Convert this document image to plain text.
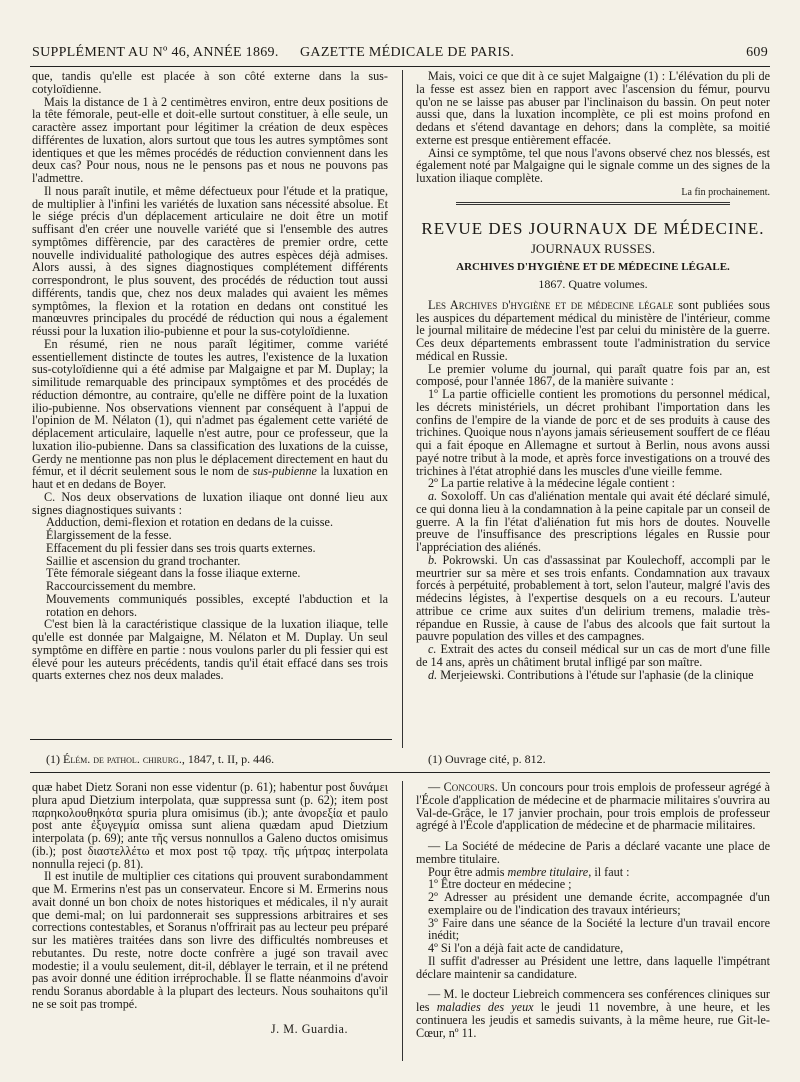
SUPPLÉMENT AU Nº 46, ANNÉE 1869. GAZETTE MÉDICALE DE PARIS.	609

que, tandis qu'elle est placée à son côté externe dans la sus-cotyloïdienne.

Mais la distance de 1 à 2 centimètres environ, entre deux positions de la tête fémorale, peut-elle et doit-elle surtout constituer, à elle seule, un caractère assez important pour légitimer la création de deux espèces différentes de luxation, alors surtout que tous les autres symptômes sont identiques et que les mêmes procédés de réduction conviennent dans les deux cas? Pour nous, nous ne le pensons pas et nous ne pouvons pas l'admettre.

Il nous paraît inutile, et même défectueux pour l'étude et la pratique, de multiplier à l'infini les variétés de luxation sans nécessité absolue. Et le siége précis d'un déplacement articulaire ne doit être un motif suffisant d'en créer une nouvelle variété que si l'ensemble des autres symptômes diffèrencie, par des caractères de premier ordre, cette nouvelle individualité pathologique des autres espèces déjà admises. Alors aussi, à des signes diagnostiques complétement différents correspondront, le plus souvent, des procédés de réduction tout aussi différents, tandis que, chez nos deux malades qui avaient les mêmes symptômes, la flexion et la rotation en dedans ont constitué les manœuvres principales du procédé de réduction qui nous a également réussi pour la luxation ilio-pubienne et pour la sus-cotyloïdienne.

En résumé, rien ne nous paraît légitimer, comme variété essentiellement distincte de toutes les autres, l'existence de la luxation sus-cotyloïdienne qui a été admise par Malgaigne et par M. Duplay; la similitude remarquable des principaux symptômes et des procédés de réduction démontre, au contraire, qu'elle ne diffère point de la luxation ilio-pubienne. Nos observations viennent par conséquent à l'appui de l'opinion de M. Nélaton (1), qui n'admet pas également cette variété de déplacement articulaire, laquelle n'est autre, pour ce professeur, que la luxation ilio-pubienne. Dans sa classification des luxations de la cuisse, Gerdy ne mentionne pas non plus le déplacement directement en haut du fémur, et il décrit seulement sous le nom de sus-pubienne la luxation en haut et en dedans de Boyer.

C. Nos deux observations de luxation iliaque ont donné lieu aux signes diagnostiques suivants :

Adduction, demi-flexion et rotation en dedans de la cuisse.

Élargissement de la fesse.

Effacement du pli fessier dans ses trois quarts externes.

Saillie et ascension du grand trochanter.

Tête fémorale siégeant dans la fosse iliaque externe.

Raccourcissement du membre.

Mouvements communiqués possibles, excepté l'abduction et la rotation en dehors.

C'est bien là la caractéristique classique de la luxation iliaque, telle qu'elle est donnée par Malgaigne, M. Nélaton et M. Duplay. Un seul symptôme en diffère en partie : nous voulons parler du pli fessier qui est élevé pour les auteurs précédents, tandis qu'il était effacé dans ses trois quarts externes chez nos deux malades.

Mais, voici ce que dit à ce sujet Malgaigne (1) : L'élévation du pli de la fesse est assez bien en rapport avec l'ascension du fémur, pourvu qu'on ne se laisse pas abuser par l'inclinaison du bassin. On peut noter aussi que, dans la luxation incomplète, ce pli est moins profond en dedans et s'étend davantage en dehors; dans la complète, sa moitié externe est presque entièrement effacée.

Ainsi ce symptôme, tel que nous l'avons observé chez nos blessés, est également noté par Malgaigne qui le signale comme un des signes de la luxation iliaque complète.

La fin prochainement.
REVUE DES JOURNAUX DE MÉDECINE.
JOURNAUX RUSSES.
ARCHIVES D'HYGIÈNE ET DE MÉDECINE LÉGALE.
1867. Quatre volumes.

Les Archives d'hygiène et de médecine légale sont publiées sous les auspices du département médical du ministère de l'intérieur, comme le journal militaire de médecine l'est par celui du ministère de la guerre. Ces deux départements embrassent toute l'administration du service médical en Russie.

Le premier volume du journal, qui paraît quatre fois par an, est composé, pour l'année 1867, de la manière suivante :

1º La partie officielle contient les promotions du personnel médical, les décrets ministériels, un décret prohibant l'importation dans les confins de l'empire de la viande de porc et de ses produits à cause des trichines. Quoique nous n'ayons jamais sérieusement souffert de ce fléau qui a fait époque en Allemagne et surtout à Berlin, nous avons aussi payé notre tribut à la mode, et après force investigations on a trouvé des trichines à l'état atrophié dans les muscles d'une vieille femme.

2º La partie relative à la médecine légale contient :

a. Soxoloff. Un cas d'aliénation mentale qui avait été déclaré simulé, ce qui donna lieu à la condamnation à la peine capitale par un conseil de guerre. A la fin l'état d'aliénation fut mis hors de doutes. Nouvelle preuve de l'insuffisance des prescriptions légales en Russie pour l'appréciation des aliénés.

b. Pokrowski. Un cas d'assassinat par Koulechoff, accompli par le meurtrier sur sa mère et ses trois enfants. Condamnation aux travaux forcés à perpétuité, probablement à tort, selon l'auteur, malgré l'avis des médecins légistes, à l'expertise desquels on a eu recours. L'auteur attribue ce crime aux suites d'un delirium tremens, maladie très-répandue en Russie, à cause de l'abus des alcools que fait surtout la pauvre population des villes et des campagnes.

c. Extrait des actes du conseil médical sur un cas de mort d'une fille de 14 ans, après un châtiment brutal infligé par son maître.

d. Merjeiewski. Contributions à l'étude sur l'aphasie (de la clinique

(1) Élém. de pathol. chirurg., 1847, t. II, p. 446.	(1) Ouvrage cité, p. 812.

quæ habet Dietz Sorani non esse videntur (p. 61); habentur post δυνάμει plura apud Dietzium interpolata, quæ suppressa sunt (p. 62); item post παρηκολουθηκότα spuria plura omisimus (ib.); ante ἀνορεξία et paulo post ante ἐξυγεγμία omissa sunt aliena quædam apud Dietzium interpolata (p. 69); ante τῆς versus nonnullos a Galeno ductos omisimus (ib.); post διαστελλέτω et mox post τῷ τραχ. τῆς μήτρας interpolata nonnulla rejeci (p. 81).

Il est inutile de multiplier ces citations qui prouvent surabondamment que M. Ermerins n'est pas un conservateur. Encore si M. Ermerins nous avait donné un bon choix de notes historiques et médicales, il n'y aurait que demi-mal; on lui pardonnerait ses suppressions arbitraires et ses corrections contestables, et Soranus n'offrirait pas au lecteur peu préparé sur les matières traitées dans son livre des difficultés nombreuses et rebutantes. Du reste, notre docte confrère a jugé son travail avec modestie; il a voulu seulement, dit-il, déblayer le terrain, et il ne prétend pas avoir donné une édition irréprochable. Il se flatte néanmoins d'avoir rendu Soranus abordable à la plupart des lecteurs. Nous souhaitons qu'il ne se soit pas trompé.

J. M. Guardia.

— Concours. Un concours pour trois emplois de professeur agrégé à l'École d'application de médecine et de pharmacie militaires s'ouvrira au Val-de-Grâce, le 17 janvier prochain, pour trois emplois de professeur agrégé à l'École d'application de médecine et de pharmacie militaires.

— La Société de médecine de Paris a déclaré vacante une place de membre titulaire.

Pour être admis membre titulaire, il faut :

1º Être docteur en médecine ;

2º Adresser au président une demande écrite, accompagnée d'un exemplaire ou de l'indication des travaux intérieurs;

3º Faire dans une séance de la Société la lecture d'un travail encore inédit;

4º Si l'on a déjà fait acte de candidature,

Il suffit d'adresser au Président une lettre, dans laquelle l'impétrant déclare maintenir sa candidature.

— M. le docteur Liebreich commencera ses conférences cliniques sur les maladies des yeux le jeudi 11 novembre, à une heure, et les continuera les jeudis et samedis suivants, à la même heure, rue Git-le-Cœur, nº 11.
